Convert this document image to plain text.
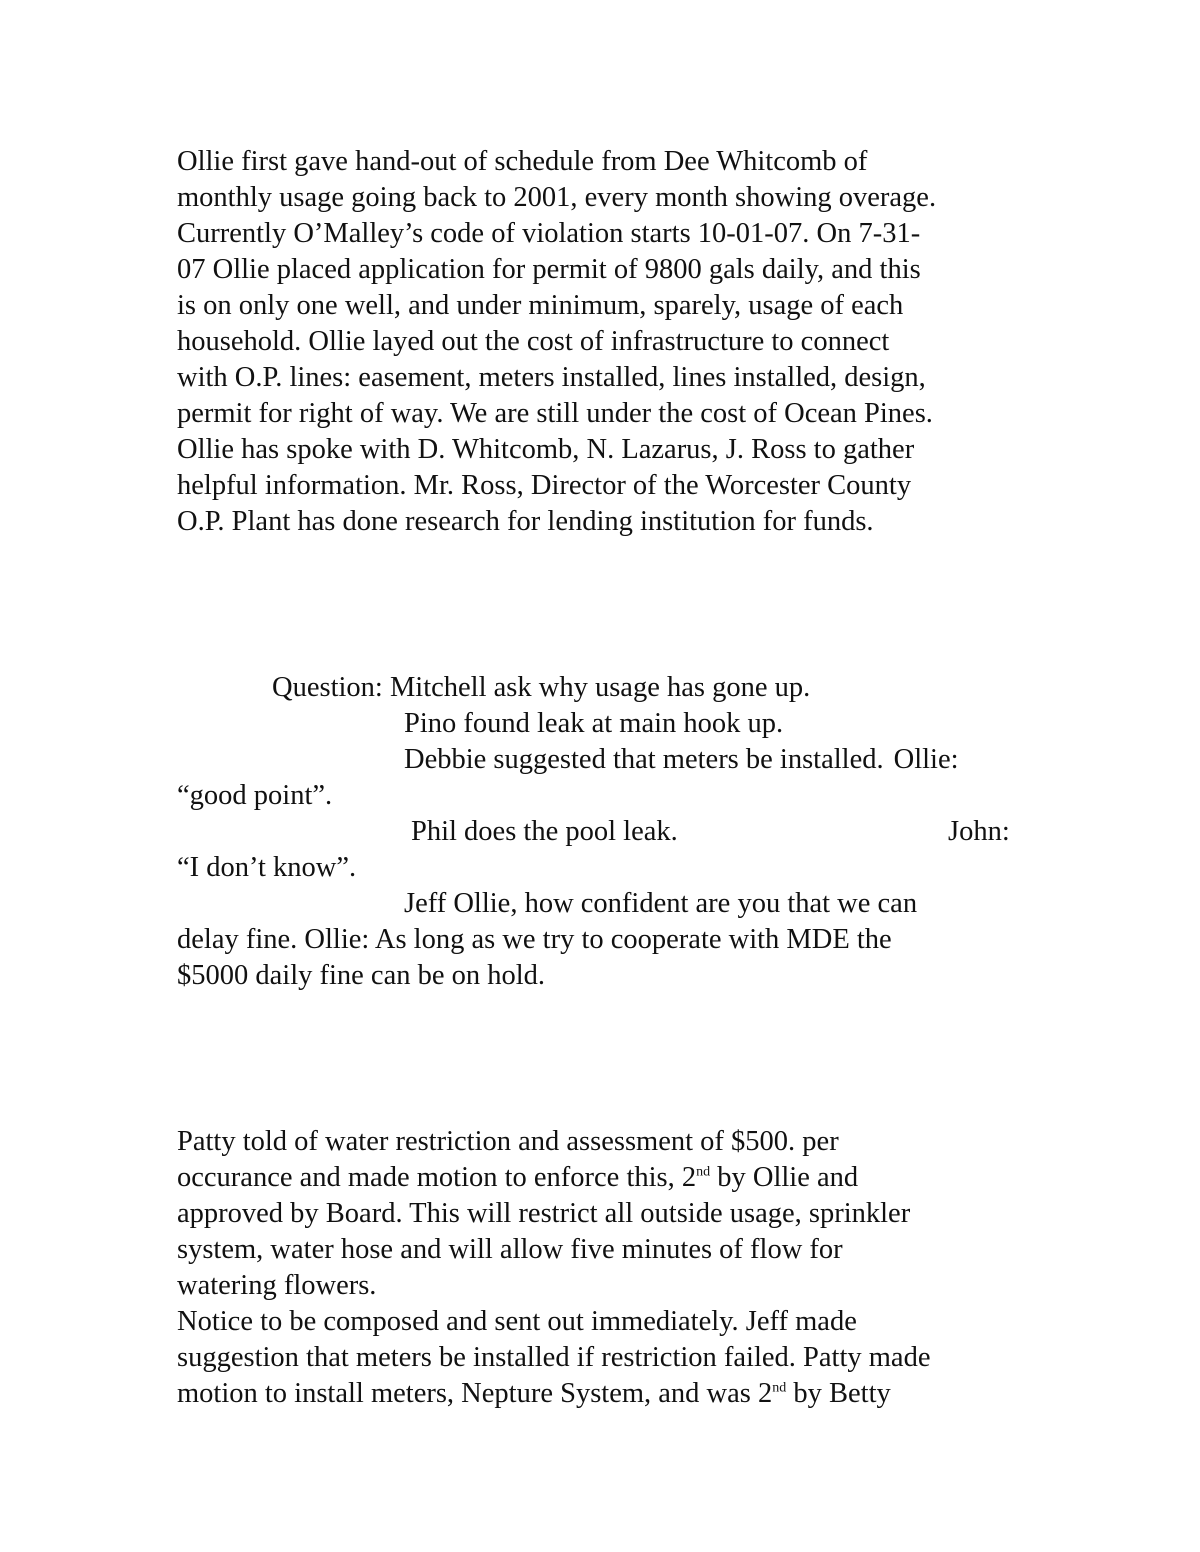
Ollie first gave hand-out of schedule from Dee Whitcomb of
monthly usage going back to 2001, every month showing overage.
Currently O’Malley’s code of violation starts 10-01-07. On 7-31-
07 Ollie placed application for permit of 9800 gals daily, and this
is on only one well, and under minimum, sparely, usage of each
household. Ollie layed out the cost of infrastructure to connect
with O.P. lines: easement, meters installed, lines installed, design,
permit for right of way. We are still under the cost of Ocean Pines.
Ollie has spoke with D. Whitcomb, N. Lazarus, J. Ross to gather
helpful information. Mr. Ross, Director of the Worcester County
O.P. Plant has done research for lending institution for funds.
Question: Mitchell ask why usage has gone up.
Pino found leak at main hook up.
Debbie suggested that meters be installed. Ollie:
“good point”.
Phil does the pool leak.	John:
“I don’t know”.
Jeff Ollie, how confident are you that we can
delay fine. Ollie: As long as we try to cooperate with MDE the
$5000 daily fine can be on hold.
Patty told of water restriction and assessment of $500. per
occurance and made motion to enforce this, 2nd by Ollie and
approved by Board. This will restrict all outside usage, sprinkler
system, water hose and will allow five minutes of flow for
watering flowers.
Notice to be composed and sent out immediately. Jeff made
suggestion that meters be installed if restriction failed. Patty made
motion to install meters, Nepture System, and was 2nd by Betty
